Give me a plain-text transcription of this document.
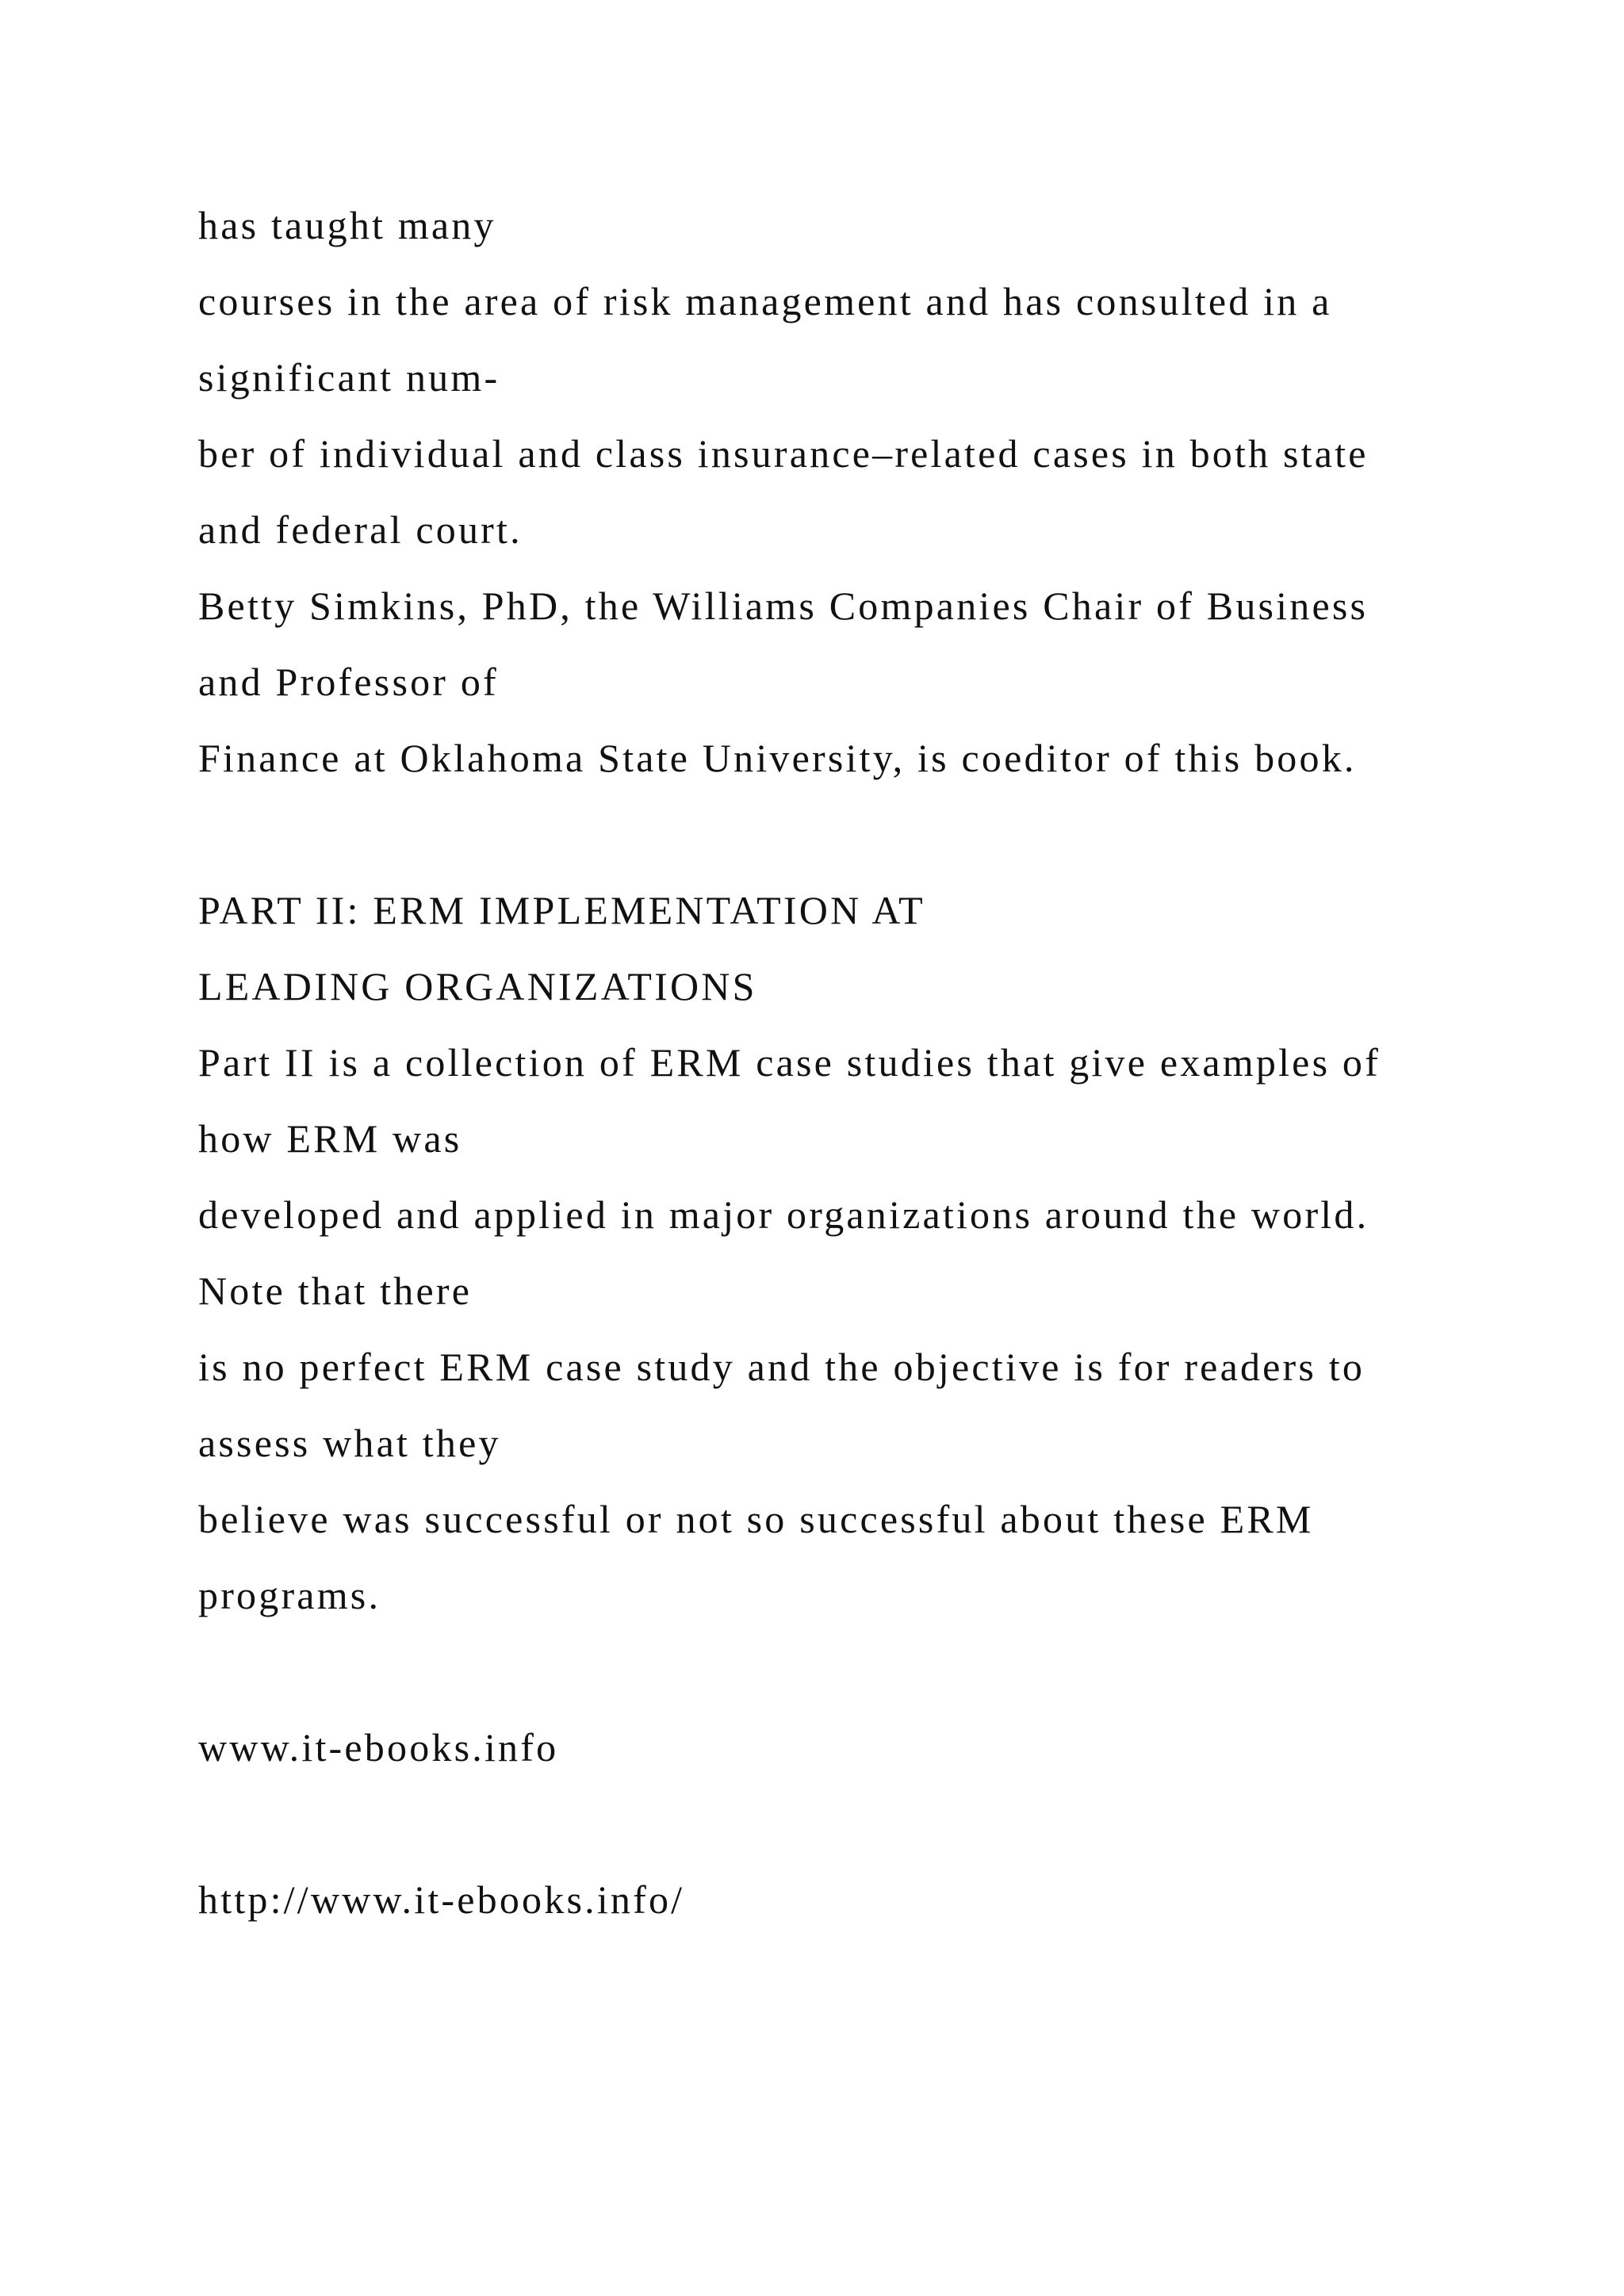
has taught many
courses in the area of risk management and has consulted in a
significant num-
ber of individual and class insurance–related cases in both state
and federal court.
Betty Simkins, PhD, the Williams Companies Chair of Business
and Professor of
Finance at Oklahoma State University, is coeditor of this book.
PART II: ERM IMPLEMENTATION AT
LEADING ORGANIZATIONS
Part II is a collection of ERM case studies that give examples of
how ERM was
developed and applied in major organizations around the world.
Note that there
is no perfect ERM case study and the objective is for readers to
assess what they
believe was successful or not so successful about these ERM
programs.
www.it-ebooks.info
http://www.it-ebooks.info/
